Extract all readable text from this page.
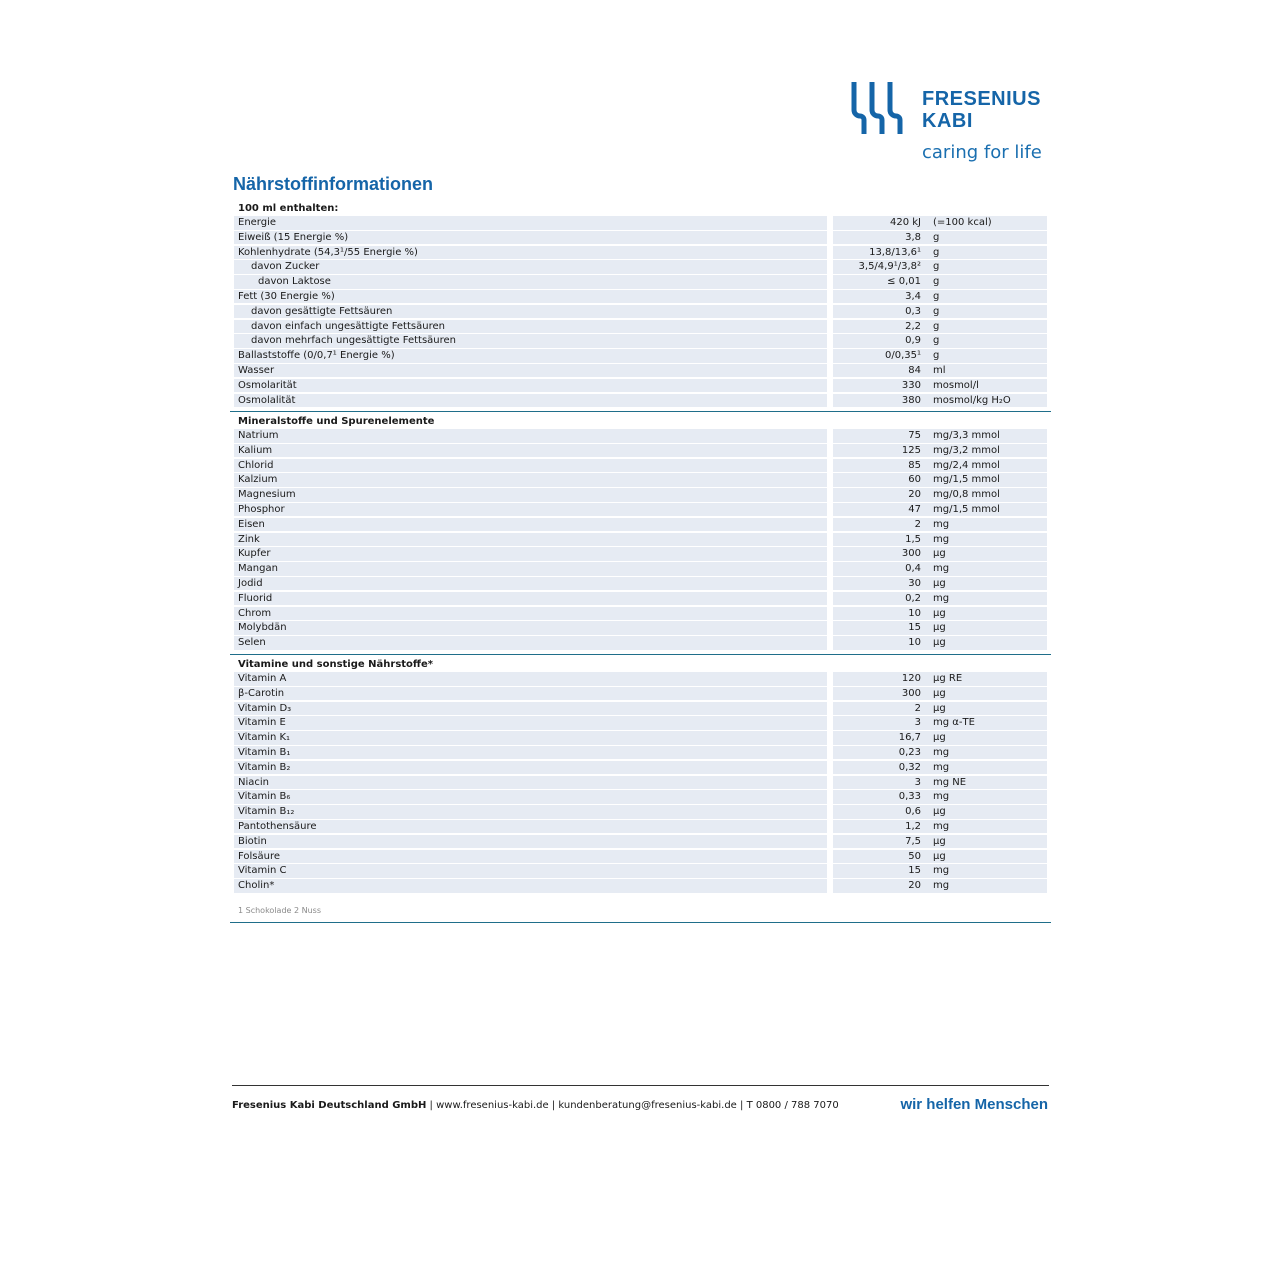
FRESENIUS
KABI
caring for life
Nährstoffinformationen
100 ml enthalten:
Energie	420 kJ (=100 kcal)
Eiweiß (15 Energie %)	3,8 g
Kohlenhydrate (54,3¹/55 Energie %)	13,8/13,6¹ g
davon Zucker	3,5/4,9¹/3,8² g
davon Laktose	≤ 0,01 g
Fett (30 Energie %)	3,4 g
davon gesättigte Fettsäuren	0,3 g
davon einfach ungesättigte Fettsäuren	2,2 g
davon mehrfach ungesättigte Fettsäuren	0,9 g
Ballaststoffe (0/0,7¹ Energie %)	0/0,35¹ g
Wasser	84 ml
Osmolarität	330 mosmol/l
Osmolalität	380 mosmol/kg H₂O
Mineralstoffe und Spurenelemente
Natrium	75 mg/3,3 mmol
Kalium	125 mg/3,2 mmol
Chlorid	85 mg/2,4 mmol
Kalzium	60 mg/1,5 mmol
Magnesium	20 mg/0,8 mmol
Phosphor	47 mg/1,5 mmol
Eisen	2 mg
Zink	1,5 mg
Kupfer	300 µg
Mangan	0,4 mg
Jodid	30 µg
Fluorid	0,2 mg
Chrom	10 µg
Molybdän	15 µg
Selen	10 µg
Vitamine und sonstige Nährstoffe*
Vitamin A	120 µg RE
β-Carotin	300 µg
Vitamin D₃	2 µg
Vitamin E	3 mg α-TE
Vitamin K₁	16,7 µg
Vitamin B₁	0,23 mg
Vitamin B₂	0,32 mg
Niacin	3 mg NE
Vitamin B₆	0,33 mg
Vitamin B₁₂	0,6 µg
Pantothensäure	1,2 mg
Biotin	7,5 µg
Folsäure	50 µg
Vitamin C	15 mg
Cholin*	20 mg
1 Schokolade 2 Nuss
Fresenius Kabi Deutschland GmbH | www.fresenius-kabi.de | kundenberatung@fresenius-kabi.de | T 0800 / 788 7070	wir helfen Menschen
